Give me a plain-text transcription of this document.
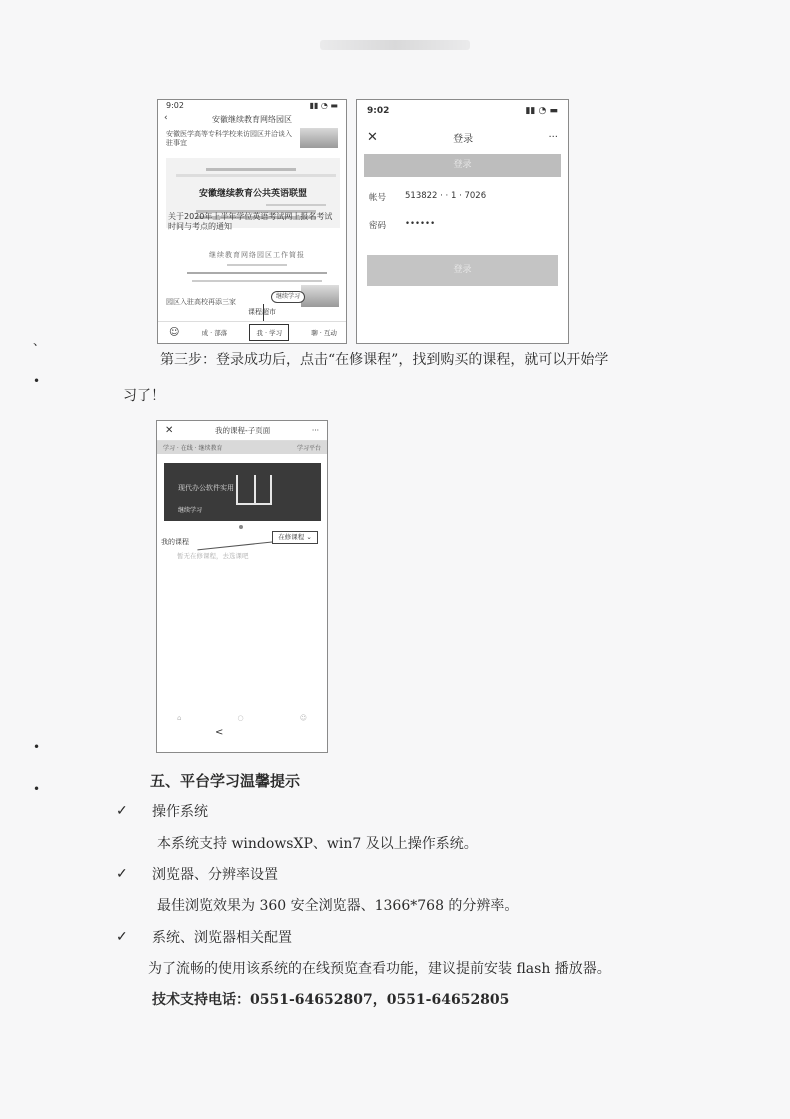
9:02	▮▮ ◔ ▬
安徽继续教育网络园区
‹
安徽医学高等专科学校来访园区并洽谈入驻事宜
安徽继续教育公共英语联盟
关于2020年上半年学位英语考试网上报名考试时间与考点的通知
继续教育网络园区工作简报
园区入驻高校再添三家
继续学习
课程超市
☺	成 · 部落	我 · 学习	聊 · 互动
9:02	▮▮ ◔ ▬
✕	登录	···
登录
帐号	513822 · · 1 · 7026
密码	••••••
登录
、
•
第三步：登录成功后，点击“在修课程”，找到购买的课程，就可以开始学
习了！
✕	我的课程-子页面	···
学习 · 在线 · 继续教育	学习平台
现代办公软件实用
继续学习
我的课程
在修课程 ⌄
暂无在修课程，去选课吧
⌂	○	☺
<
•
•	五、平台学习温馨提示
✓ 操作系统
本系统支持 windowsXP、win7 及以上操作系统。
✓ 浏览器、分辨率设置
最佳浏览效果为 360 安全浏览器、1366*768 的分辨率。
✓ 系统、浏览器相关配置
为了流畅的使用该系统的在线预览查看功能，建议提前安装 flash 播放器。
技术支持电话：0551-64652807，0551-64652805
